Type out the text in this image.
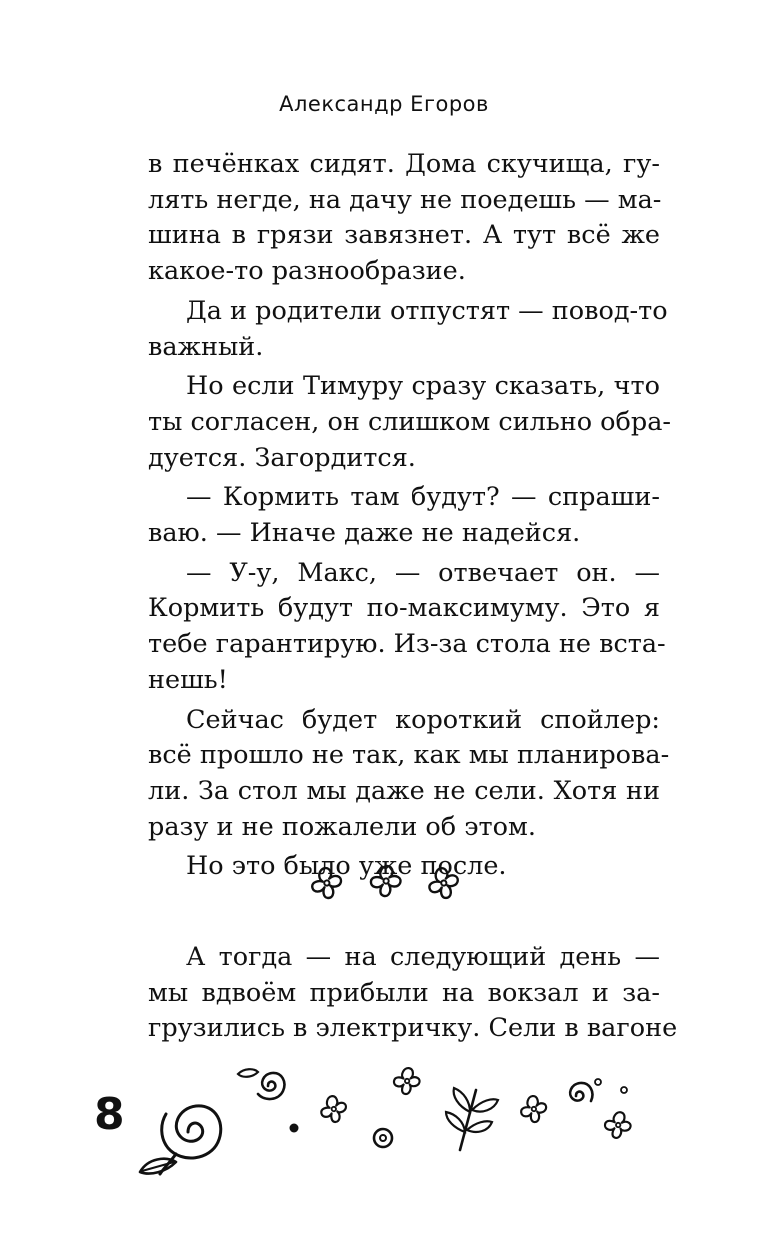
Александр Егоров
в печёнках сидят. Дома скучища, гу-
лять негде, на дачу не поедешь — ма-
шина в грязи завязнет. А тут всё же
какое-то разнообразие.
Да и родители отпустят — повод-то
важный.
Но если Тимуру сразу сказать, что
ты согласен, он слишком сильно обра-
дуется. Загордится.
— Кормить там будут? — спраши-
ваю. — Иначе даже не надейся.
— У-у, Макс, — отвечает он. —
Кормить будут по-максимуму. Это я
тебе гарантирую. Из-за стола не вста-
нешь!
Сейчас будет короткий спойлер:
всё прошло не так, как мы планирова-
ли. За стол мы даже не сели. Хотя ни
разу и не пожалели об этом.
Но это было уже после.
А тогда — на следующий день —
мы вдвоём прибыли на вокзал и за-
грузились в электричку. Сели в вагоне
8
